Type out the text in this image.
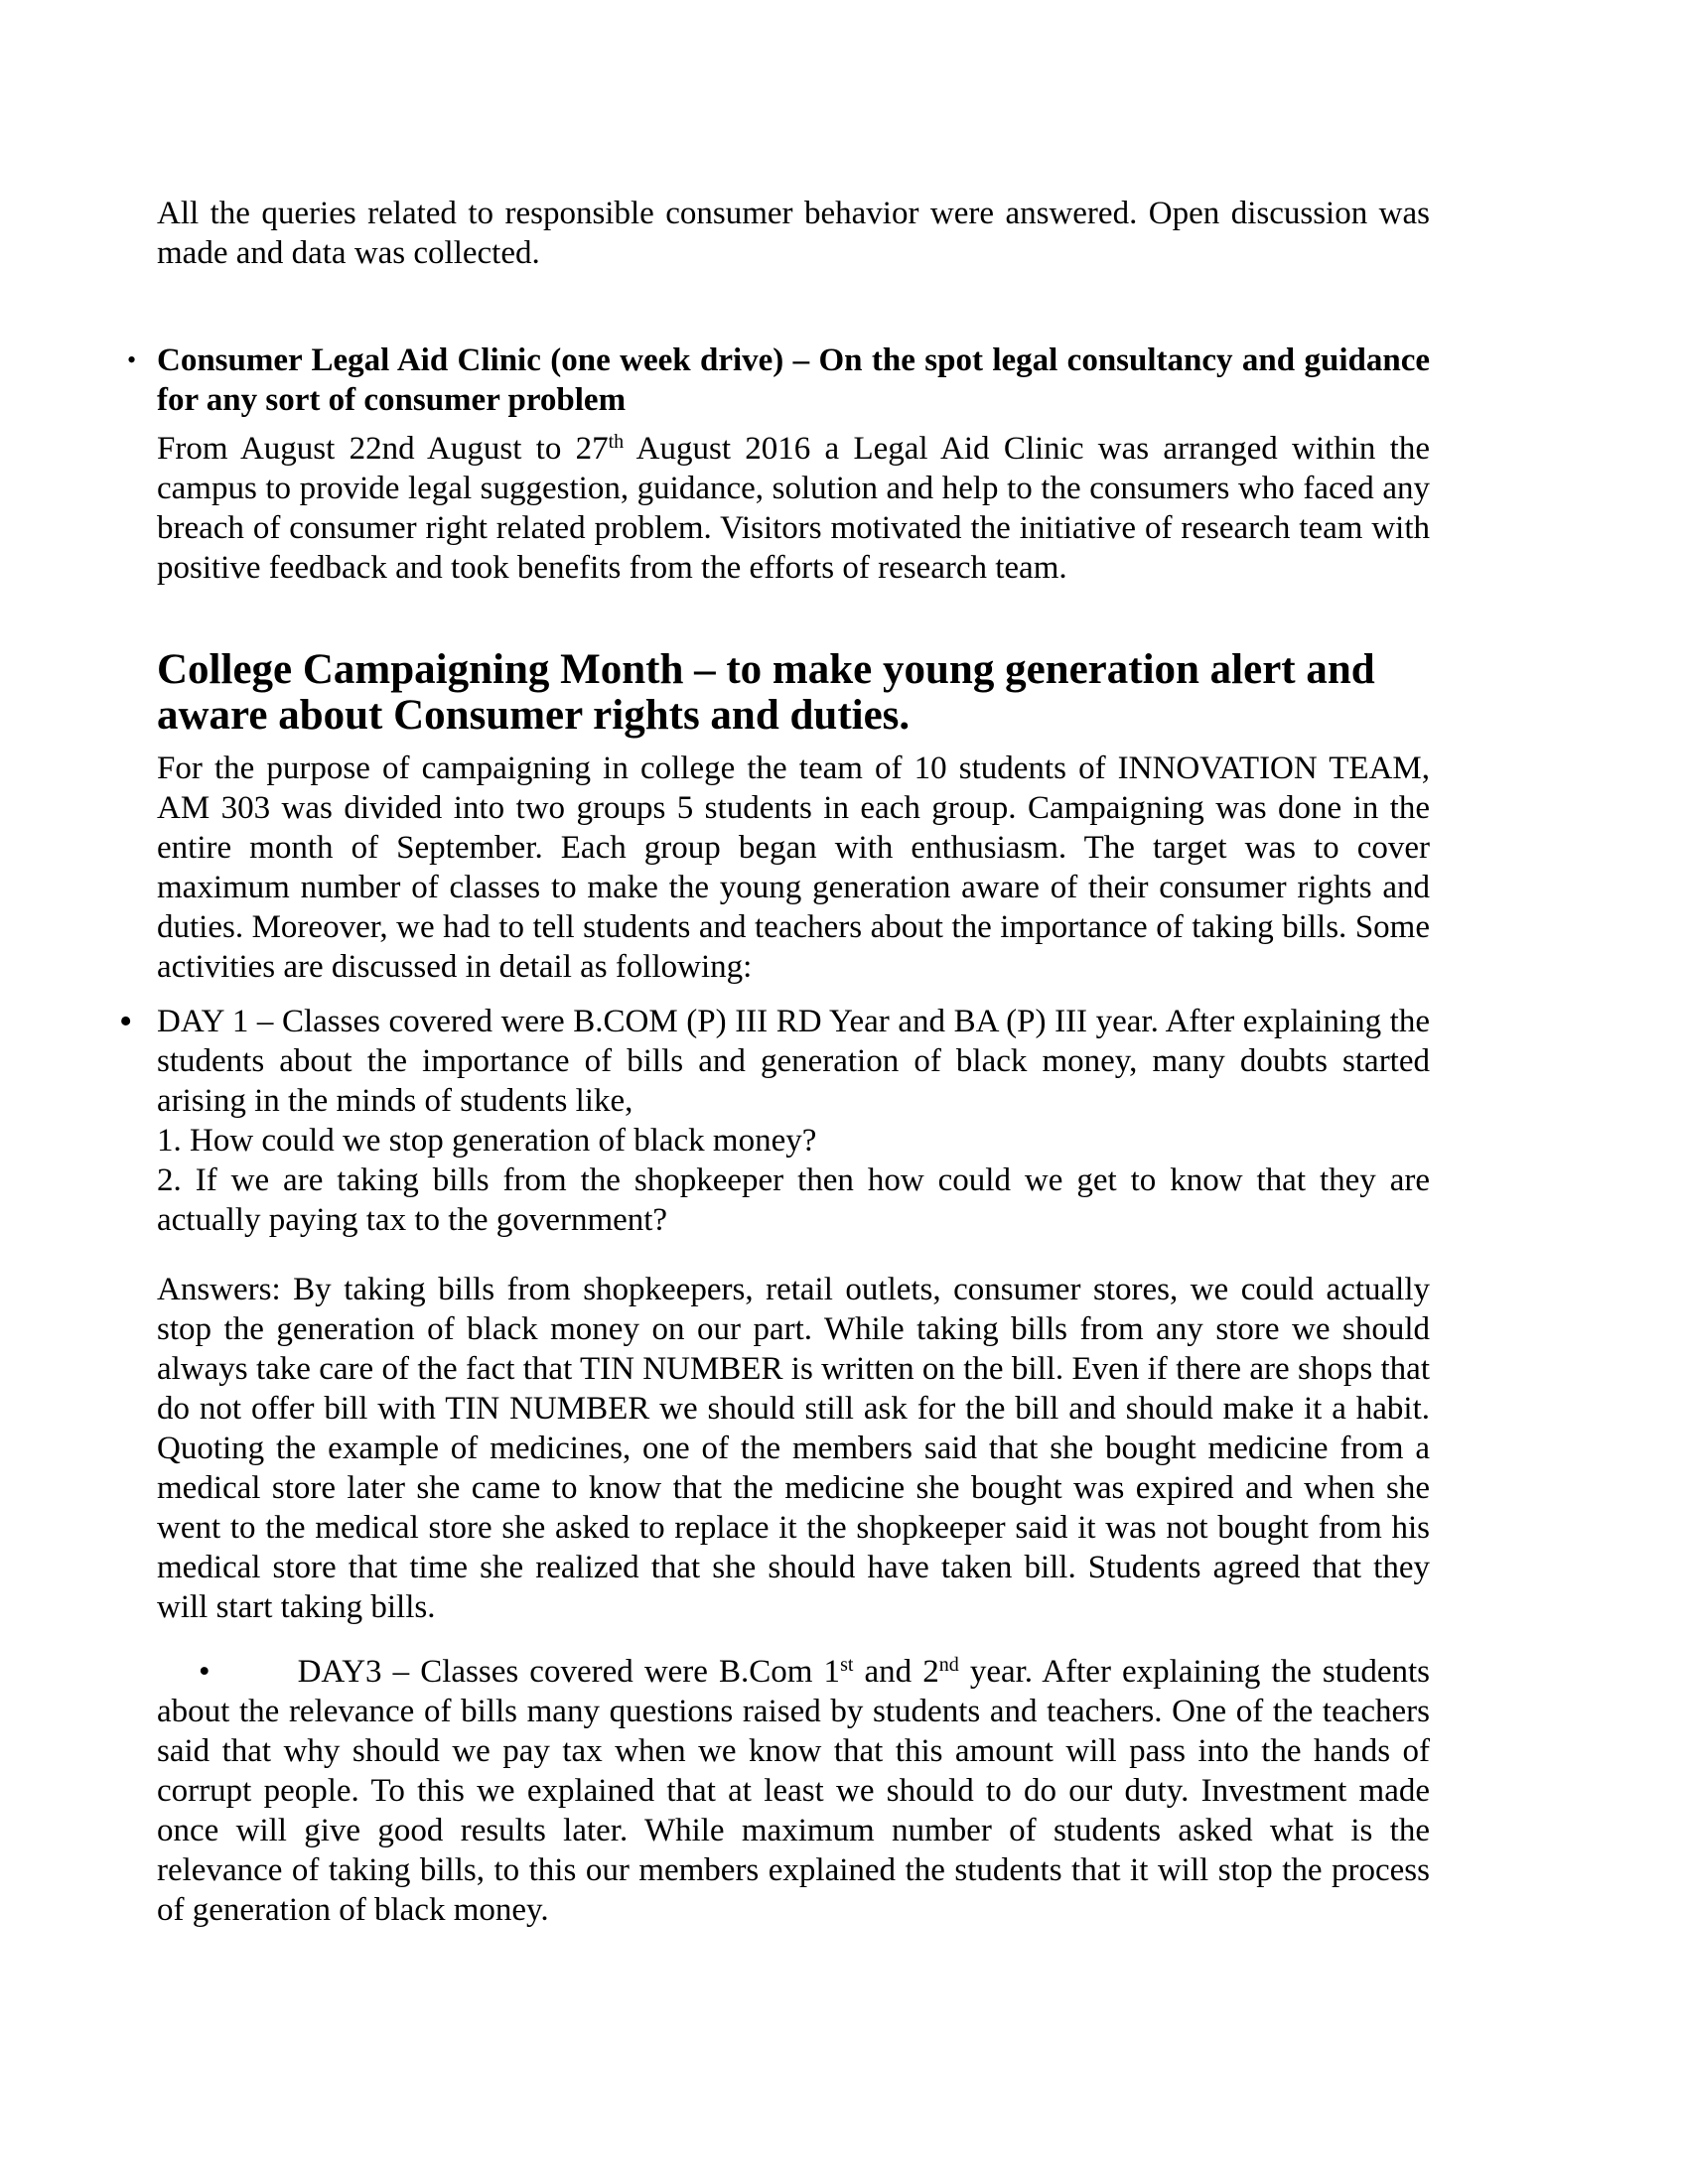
All the queries related to responsible consumer behavior were answered. Open discussion was made and data was collected.

• Consumer Legal Aid Clinic (one week drive) – On the spot legal consultancy and guidance for any sort of consumer problem

From August 22nd August to 27th August 2016 a Legal Aid Clinic was arranged within the campus to provide legal suggestion, guidance, solution and help to the consumers who faced any breach of consumer right related problem. Visitors motivated the initiative of research team with positive feedback and took benefits from the efforts of research team.

College Campaigning Month – to make young generation alert and aware about Consumer rights and duties.

For the purpose of campaigning in college the team of 10 students of INNOVATION TEAM, AM 303 was divided into two groups 5 students in each group. Campaigning was done in the entire month of September. Each group began with enthusiasm. The target was to cover maximum number of classes to make the young generation aware of their consumer rights and duties. Moreover, we had to tell students and teachers about the importance of taking bills. Some activities are discussed in detail as following:

• DAY 1 – Classes covered were B.COM (P) III RD Year and BA (P) III year. After explaining the students about the importance of bills and generation of black money, many doubts started arising in the minds of students like,

1. How could we stop generation of black money?

2. If we are taking bills from the shopkeeper then how could we get to know that they are actually paying tax to the government?

Answers: By taking bills from shopkeepers, retail outlets, consumer stores, we could actually stop the generation of black money on our part. While taking bills from any store we should always take care of the fact that TIN NUMBER is written on the bill. Even if there are shops that do not offer bill with TIN NUMBER we should still ask for the bill and should make it a habit. Quoting the example of medicines, one of the members said that she bought medicine from a medical store later she came to know that the medicine she bought was expired and when she went to the medical store she asked to replace it the shopkeeper said it was not bought from his medical store that time she realized that she should have taken bill. Students agreed that they will start taking bills.

•	DAY3 – Classes covered were B.Com 1st and 2nd year. After explaining the students about the relevance of bills many questions raised by students and teachers. One of the teachers said that why should we pay tax when we know that this amount will pass into the hands of corrupt people. To this we explained that at least we should to do our duty. Investment made once will give good results later. While maximum number of students asked what is the relevance of taking bills, to this our members explained the students that it will stop the process of generation of black money.
